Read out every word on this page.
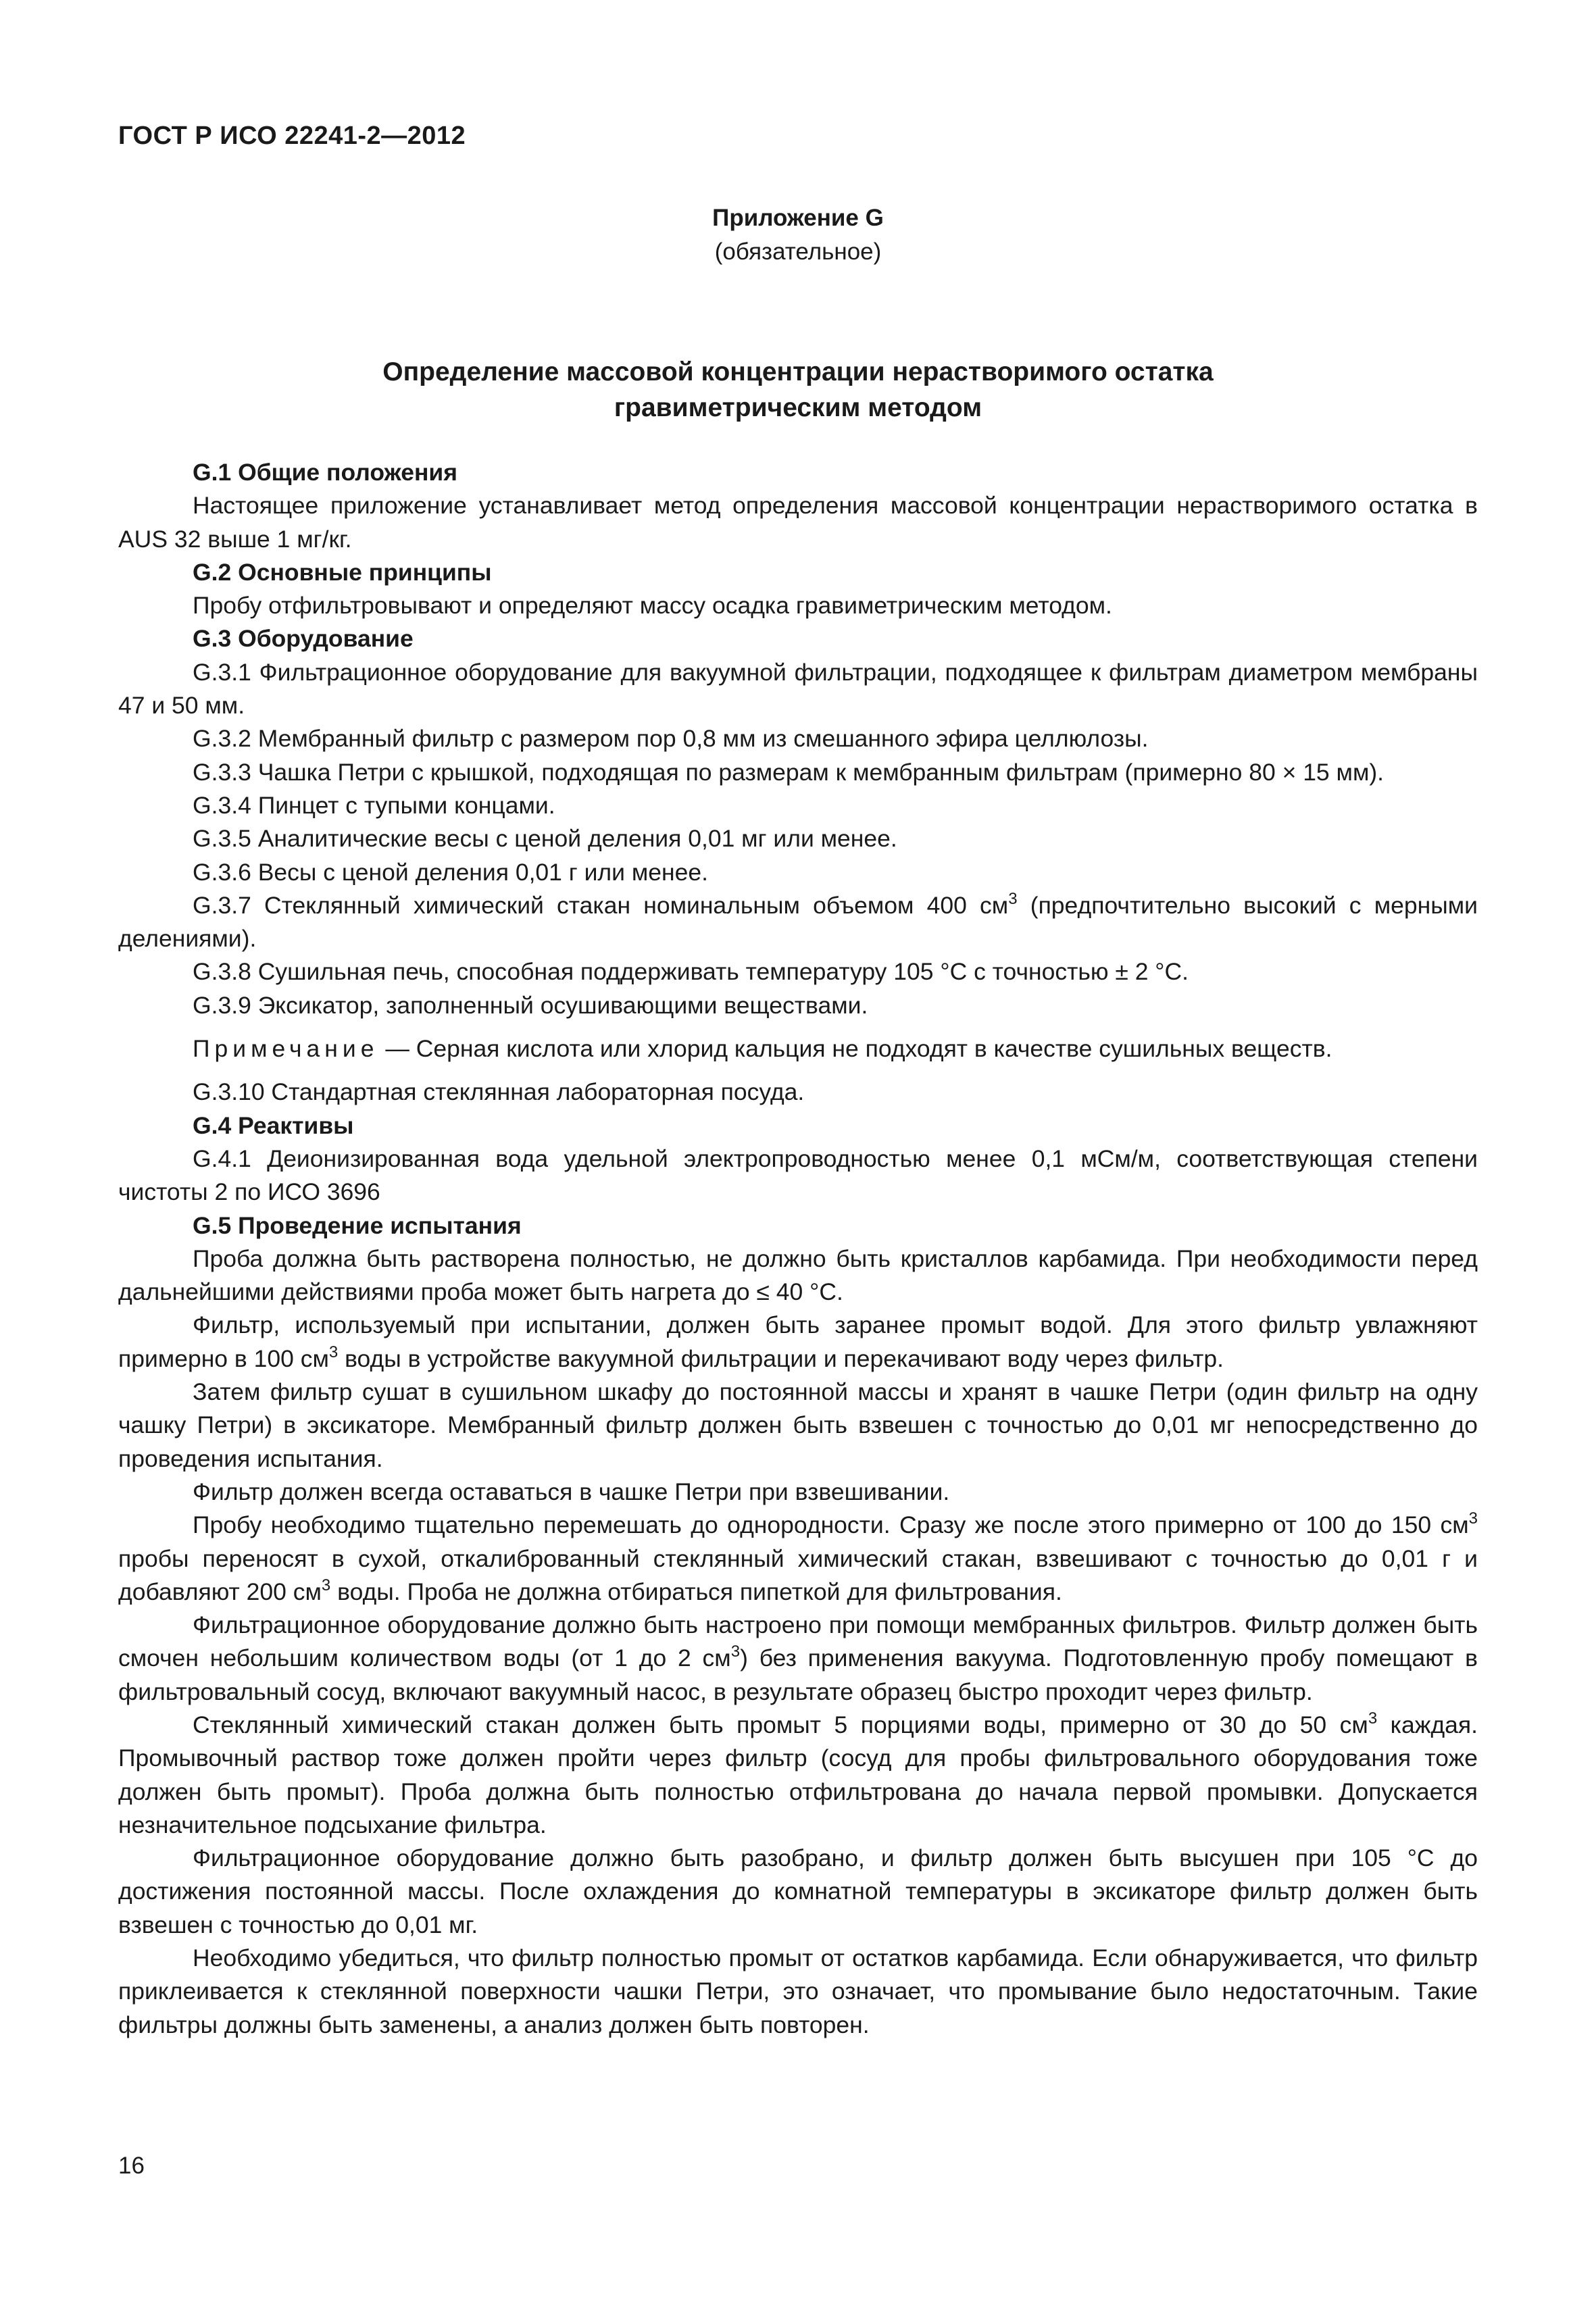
ГОСТ Р ИСО 22241-2—2012
Приложение G
(обязательное)
Определение массовой концентрации нерастворимого остатка
гравиметрическим методом

G.1 Общие положения

Настоящее приложение устанавливает метод определения массовой концентрации нерастворимого остатка в AUS 32 выше 1 мг/кг.

G.2 Основные принципы

Пробу отфильтровывают и определяют массу осадка гравиметрическим методом.

G.3 Оборудование

G.3.1 Фильтрационное оборудование для вакуумной фильтрации, подходящее к фильтрам диаметром мембраны 47 и 50 мм.

G.3.2 Мембранный фильтр с размером пор 0,8 мм из смешанного эфира целлюлозы.

G.3.3 Чашка Петри с крышкой, подходящая по размерам к мембранным фильтрам (примерно 80 × 15 мм).

G.3.4 Пинцет с тупыми концами.

G.3.5 Аналитические весы с ценой деления 0,01 мг или менее.

G.3.6 Весы с ценой деления 0,01 г или менее.

G.3.7 Стеклянный химический стакан номинальным объемом 400 $см^3$ (предпочтительно высокий с мерными делениями).

G.3.8 Сушильная печь, способная поддерживать температуру 105 °С с точностью ± 2 °С.

G.3.9 Эксикатор, заполненный осушивающими веществами.

Примечание — Серная кислота или хлорид кальция не подходят в качестве сушильных веществ.

G.3.10 Стандартная стеклянная лабораторная посуда.

G.4 Реактивы

G.4.1 Деионизированная вода удельной электропроводностью менее 0,1 мСм/м, соответствующая степени чистоты 2 по ИСО 3696

G.5 Проведение испытания

Проба должна быть растворена полностью, не должно быть кристаллов карбамида. При необходимости перед дальнейшими действиями проба может быть нагрета до ≤ 40 °С.

Фильтр, используемый при испытании, должен быть заранее промыт водой. Для этого фильтр увлажняют примерно в 100 $см^3$ воды в устройстве вакуумной фильтрации и перекачивают воду через фильтр.

Затем фильтр сушат в сушильном шкафу до постоянной массы и хранят в чашке Петри (один фильтр на одну чашку Петри) в эксикаторе. Мембранный фильтр должен быть взвешен с точностью до 0,01 мг непосредственно до проведения испытания.

Фильтр должен всегда оставаться в чашке Петри при взвешивании.

Пробу необходимо тщательно перемешать до однородности. Сразу же после этого примерно от 100 до 150 $см^3$ пробы переносят в сухой, откалиброванный стеклянный химический стакан, взвешивают с точностью до 0,01 г и добавляют 200 $см^3$ воды. Проба не должна отбираться пипеткой для фильтрования.

Фильтрационное оборудование должно быть настроено при помощи мембранных фильтров. Фильтр должен быть смочен небольшим количеством воды (от 1 до 2 $см^3$) без применения вакуума. Подготовленную пробу помещают в фильтровальный сосуд, включают вакуумный насос, в результате образец быстро проходит через фильтр.

Стеклянный химический стакан должен быть промыт 5 порциями воды, примерно от 30 до 50 $см^3$ каждая. Промывочный раствор тоже должен пройти через фильтр (сосуд для пробы фильтровального оборудования тоже должен быть промыт). Проба должна быть полностью отфильтрована до начала первой промывки. Допускается незначительное подсыхание фильтра.

Фильтрационное оборудование должно быть разобрано, и фильтр должен быть высушен при 105 °С до достижения постоянной массы. После охлаждения до комнатной температуры в эксикаторе фильтр должен быть взвешен с точностью до 0,01 мг.

Необходимо убедиться, что фильтр полностью промыт от остатков карбамида. Если обнаруживается, что фильтр приклеивается к стеклянной поверхности чашки Петри, это означает, что промывание было недостаточным. Такие фильтры должны быть заменены, а анализ должен быть повторен.

16
